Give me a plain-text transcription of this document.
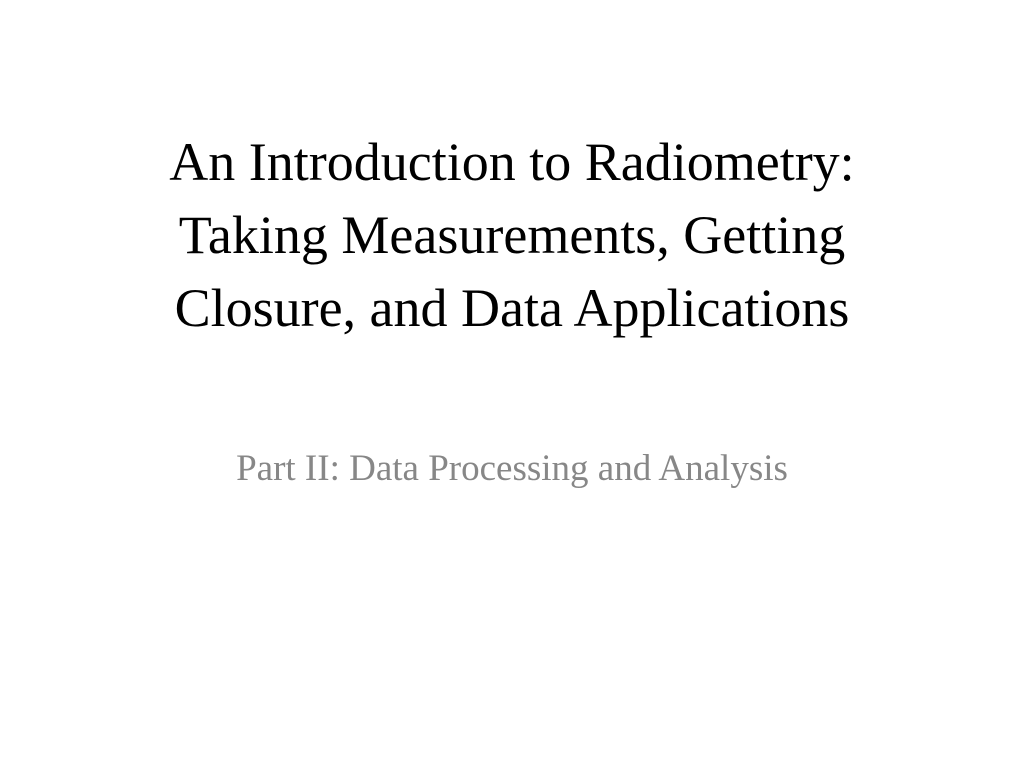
An Introduction to Radiometry:
Taking Measurements, Getting
Closure, and Data Applications
Part II: Data Processing and Analysis
